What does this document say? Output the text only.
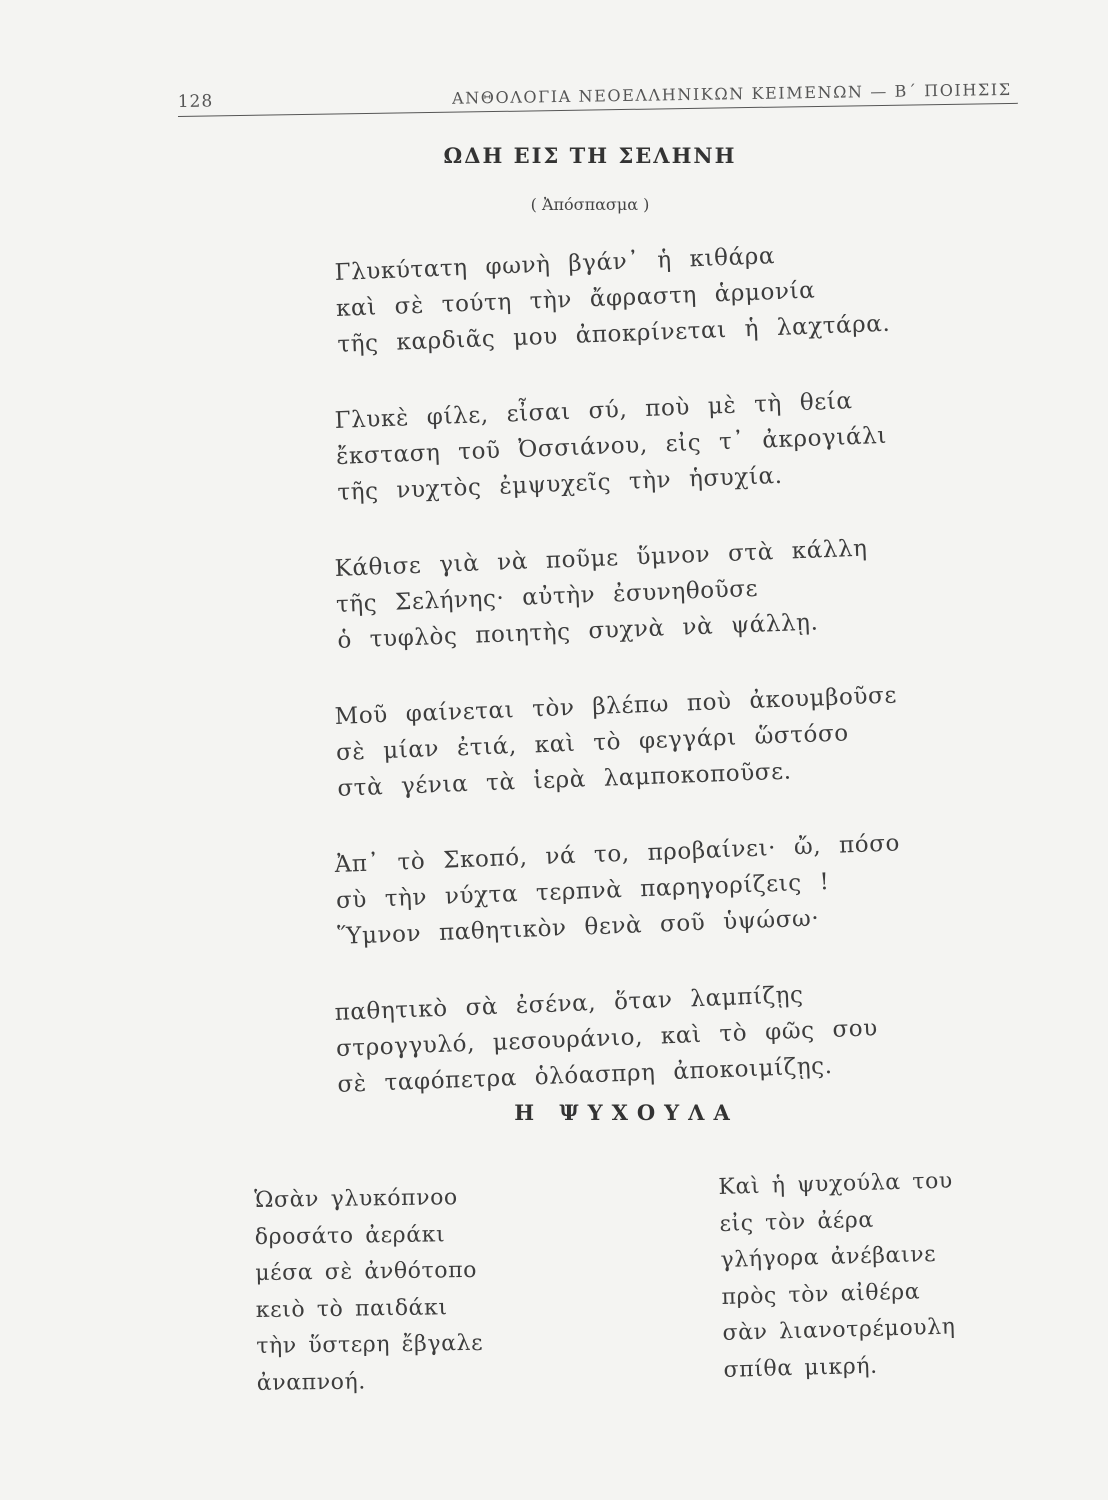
128	ΑΝΘΟΛΟΓΙΑ ΝΕΟΕΛΛΗΝΙΚΩΝ ΚΕΙΜΕΝΩΝ — Β΄ ΠΟΙΗΣΙΣ
ΩΔΗ ΕΙΣ ΤΗ ΣΕΛΗΝΗ
( Ἀπόσπασμα )
Γλυκύτατη φωνὴ βγάν᾽ ἡ κιθάρα
καὶ σὲ τούτη τὴν ἄφραστη ἁρμονία
τῆς καρδιᾶς μου ἀποκρίνεται ἡ λαχτάρα.
Γλυκὲ φίλε, εἶσαι σύ, ποὺ μὲ τὴ θεία
ἔκσταση τοῦ Ὀσσιάνου, εἰς τ᾽ ἀκρογιάλι
τῆς νυχτὸς ἐμψυχεῖς τὴν ἡσυχία.
Κάθισε γιὰ νὰ ποῦμε ὕμνον στὰ κάλλη
τῆς Σελήνης· αὐτὴν ἐσυνηθοῦσε
ὁ τυφλὸς ποιητὴς συχνὰ νὰ ψάλλῃ.
Μοῦ φαίνεται τὸν βλέπω ποὺ ἀκουμβοῦσε
σὲ μίαν ἐτιά, καὶ τὸ φεγγάρι ὥστόσο
στὰ γένια τὰ ἱερὰ λαμποκοποῦσε.
Ἀπ᾽ τὸ Σκοπό, νά το, προβαίνει· ὤ, πόσο
σὺ τὴν νύχτα τερπνὰ παρηγορίζεις !
Ὕμνον παθητικὸν θενὰ σοῦ ὑψώσω·
παθητικὸ σὰ ἐσένα, ὅταν λαμπίζῃς
στρογγυλό, μεσουράνιο, καὶ τὸ φῶς σου
σὲ ταφόπετρα ὁλόασπρη ἀποκοιμίζῃς.
Η ΨΥΧΟΥΛΑ
Ὡσὰν γλυκόπνοο
δροσάτο ἀεράκι
μέσα σὲ ἀνθότοπο
κειὸ τὸ παιδάκι
τὴν ὕστερη ἔβγαλε
ἀναπνοή.
Καὶ ἡ ψυχούλα του
εἰς τὸν ἀέρα
γλήγορα ἀνέβαινε
πρὸς τὸν αἰθέρα
σὰν λιανοτρέμουλη
σπίθα μικρή.
